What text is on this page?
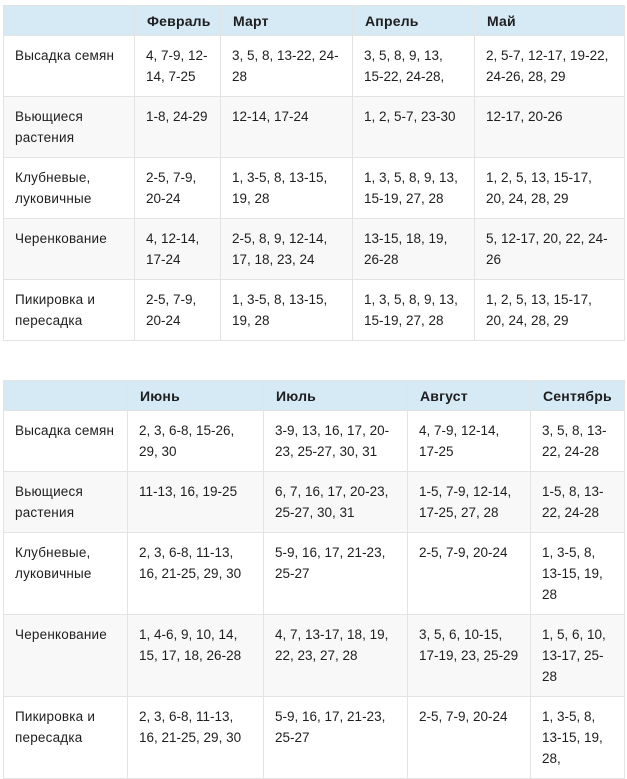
	Февраль	Март	Апрель	Май
Высадка семян	4, 7-9, 12-14, 7-25	3, 5, 8, 13-22, 24-28	3, 5, 8, 9, 13, 15-22, 24-28,	2, 5-7, 12-17, 19-22, 24-26, 28, 29
Вьющиеся растения	1-8, 24-29	12-14, 17-24	1, 2, 5-7, 23-30	12-17, 20-26
Клубневые, луковичные	2-5, 7-9, 20-24	1, 3-5, 8, 13-15, 19, 28	1, 3, 5, 8, 9, 13, 15-19, 27, 28	1, 2, 5, 13, 15-17, 20, 24, 28, 29
Черенкование	4, 12-14, 17-24	2-5, 8, 9, 12-14, 17, 18, 23, 24	13-15, 18, 19, 26-28	5, 12-17, 20, 22, 24-26
Пикировка и пересадка	2-5, 7-9, 20-24	1, 3-5, 8, 13-15, 19, 28	1, 3, 5, 8, 9, 13, 15-19, 27, 28	1, 2, 5, 13, 15-17, 20, 24, 28, 29
	Июнь	Июль	Август	Сентябрь
Высадка семян	2, 3, 6-8, 15-26, 29, 30	3-9, 13, 16, 17, 20-23, 25-27, 30, 31	4, 7-9, 12-14, 17-25	3, 5, 8, 13-22, 24-28
Вьющиеся растения	11-13, 16, 19-25	6, 7, 16, 17, 20-23, 25-27, 30, 31	1-5, 7-9, 12-14, 17-25, 27, 28	1-5, 8, 13-22, 24-28
Клубневые, луковичные	2, 3, 6-8, 11-13, 16, 21-25, 29, 30	5-9, 16, 17, 21-23, 25-27	2-5, 7-9, 20-24	1, 3-5, 8, 13-15, 19, 28
Черенкование	1, 4-6, 9, 10, 14, 15, 17, 18, 26-28	4, 7, 13-17, 18, 19, 22, 23, 27, 28	3, 5, 6, 10-15, 17-19, 23, 25-29	1, 5, 6, 10, 13-17, 25-28
Пикировка и пересадка	2, 3, 6-8, 11-13, 16, 21-25, 29, 30	5-9, 16, 17, 21-23, 25-27	2-5, 7-9, 20-24	1, 3-5, 8, 13-15, 19, 28,
